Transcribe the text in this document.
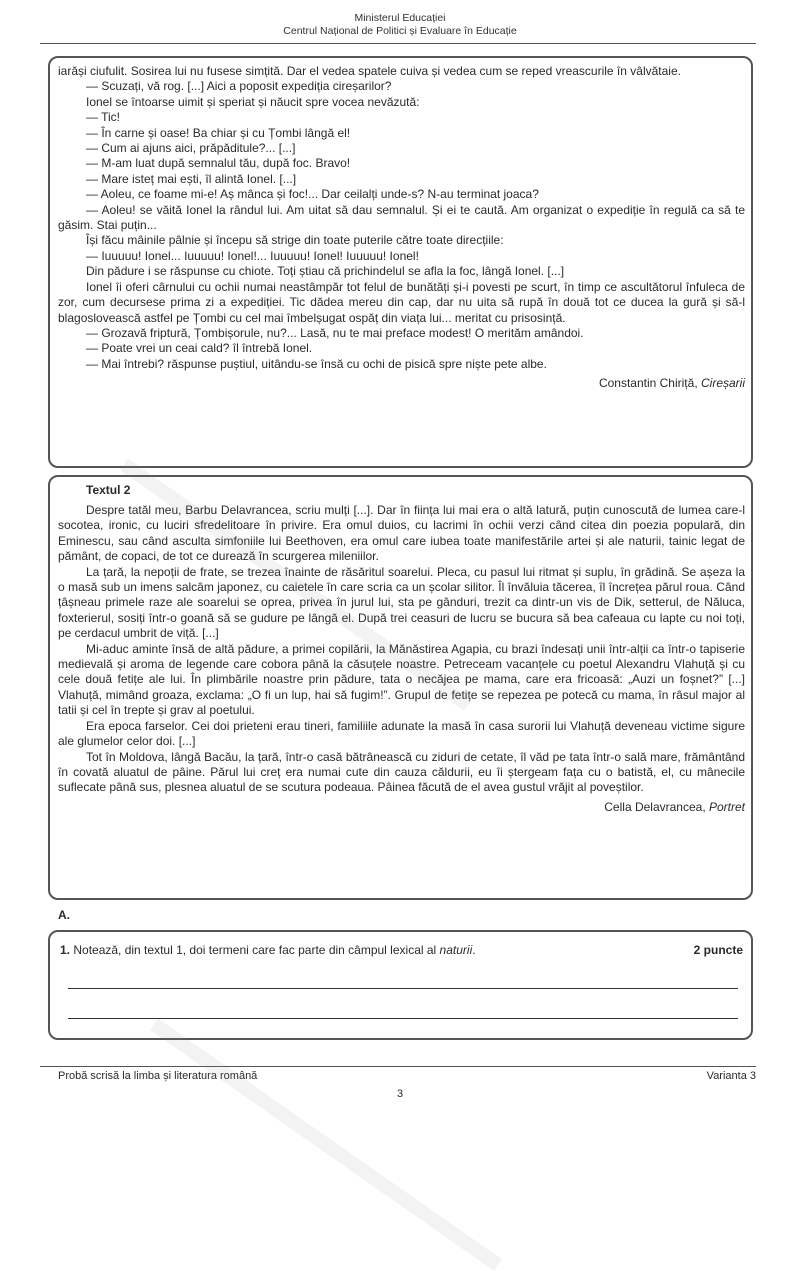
Ministerul Educației
Centrul Național de Politici și Evaluare în Educație

iarăși ciufulit. Sosirea lui nu fusese simțită. Dar el vedea spatele cuiva și vedea cum se reped vreascurile în vâlvătaie.

— Scuzați, vă rog. [...] Aici a poposit expediția cireșarilor?

Ionel se întoarse uimit și speriat și năucit spre vocea nevăzută:

— Tic!

— În carne și oase! Ba chiar și cu Țombi lângă el!

— Cum ai ajuns aici, prăpăditule?... [...]

— M-am luat după semnalul tău, după foc. Bravo!

— Mare isteț mai ești, îl alintă Ionel. [...]

— Aoleu, ce foame mi-e! Aș mânca și foc!... Dar ceilalți unde-s? N-au terminat joaca?

— Aoleu! se văită Ionel la rândul lui. Am uitat să dau semnalul. Și ei te caută. Am organizat o expediție în regulă ca să te găsim. Stai puțin...

Își făcu mâinile pâlnie și începu să strige din toate puterile către toate direcțiile:

— Iuuuuu! Ionel... Iuuuuu! Ionel!... Iuuuuu! Ionel! Iuuuuu! Ionel!

Din pădure i se răspunse cu chiote. Toți știau că prichindelul se afla la foc, lângă Ionel. [...]

Ionel îi oferi cârnului cu ochii numai neastâmpăr tot felul de bunătăți și-i povesti pe scurt, în timp ce ascultătorul înfuleca de zor, cum decursese prima zi a expediției. Tic dădea mereu din cap, dar nu uita să rupă în două tot ce ducea la gură și să-l blagoslovească astfel pe Țombi cu cel mai îmbelșugat ospăț din viața lui... meritat cu prisosință.

— Grozavă friptură, Țombișorule, nu?... Lasă, nu te mai preface modest! O merităm amândoi.

— Poate vrei un ceai cald? îl întrebă Ionel.

— Mai întrebi? răspunse puștiul, uitându-se însă cu ochi de pisică spre niște pete albe.

Constantin Chiriță, Cireșarii
Textul 2

Despre tatăl meu, Barbu Delavrancea, scriu mulți [...]. Dar în ființa lui mai era o altă latură, puțin cunoscută de lumea care-l socotea, ironic, cu luciri sfredelitoare în privire. Era omul duios, cu lacrimi în ochii verzi când citea din poezia populară, din Eminescu, sau când asculta simfoniile lui Beethoven, era omul care iubea toate manifestările artei și ale naturii, tainic legat de pământ, de copaci, de tot ce durează în scurgerea mileniilor.

La țară, la nepoții de frate, se trezea înainte de răsăritul soarelui. Pleca, cu pasul lui ritmat și suplu, în grădină. Se așeza la o masă sub un imens salcâm japonez, cu caietele în care scria ca un școlar silitor. Îl învăluia tăcerea, îl încrețea părul roua. Când țâșneau primele raze ale soarelui se oprea, privea în jurul lui, sta pe gânduri, trezit ca dintr-un vis de Dik, setterul, de Năluca, foxterierul, sosiți într-o goană să se gudure pe lângă el. După trei ceasuri de lucru se bucura să bea cafeaua cu lapte cu noi toți, pe cerdacul umbrit de viță. [...]

Mi-aduc aminte însă de altă pădure, a primei copilării, la Mănăstirea Agapia, cu brazi îndesați unii într-alții ca într-o tapiserie medievală și aroma de legende care cobora până la căsuțele noastre. Petreceam vacanțele cu poetul Alexandru Vlahuță și cu cele două fetițe ale lui. În plimbările noastre prin pădure, tata o necăjea pe mama, care era fricoasă: „Auzi un foșnet?” [...] Vlahuță, mimând groaza, exclama: „O fi un lup, hai să fugim!”. Grupul de fetițe se repezea pe potecă cu mama, în râsul major al tatii și cel în trepte și grav al poetului.

Era epoca farselor. Cei doi prieteni erau tineri, familiile adunate la masă în casa surorii lui Vlahuță deveneau victime sigure ale glumelor celor doi. [...]

Tot în Moldova, lângă Bacău, la țară, într-o casă bătrânească cu ziduri de cetate, îl văd pe tata într-o sală mare, frământând în covată aluatul de pâine. Părul lui creț era numai cute din cauza căldurii, eu îi ștergeam fața cu o batistă, el, cu mânecile suflecate până sus, plesnea aluatul de se scutura podeaua. Pâinea făcută de el avea gustul vrăjit al poveștilor.

Cella Delavrancea, Portret
A.
1. Notează, din textul 1, doi termeni care fac parte din câmpul lexical al naturii.	2 puncte
Probă scrisă la limba și literatura română	Varianta 3
3
